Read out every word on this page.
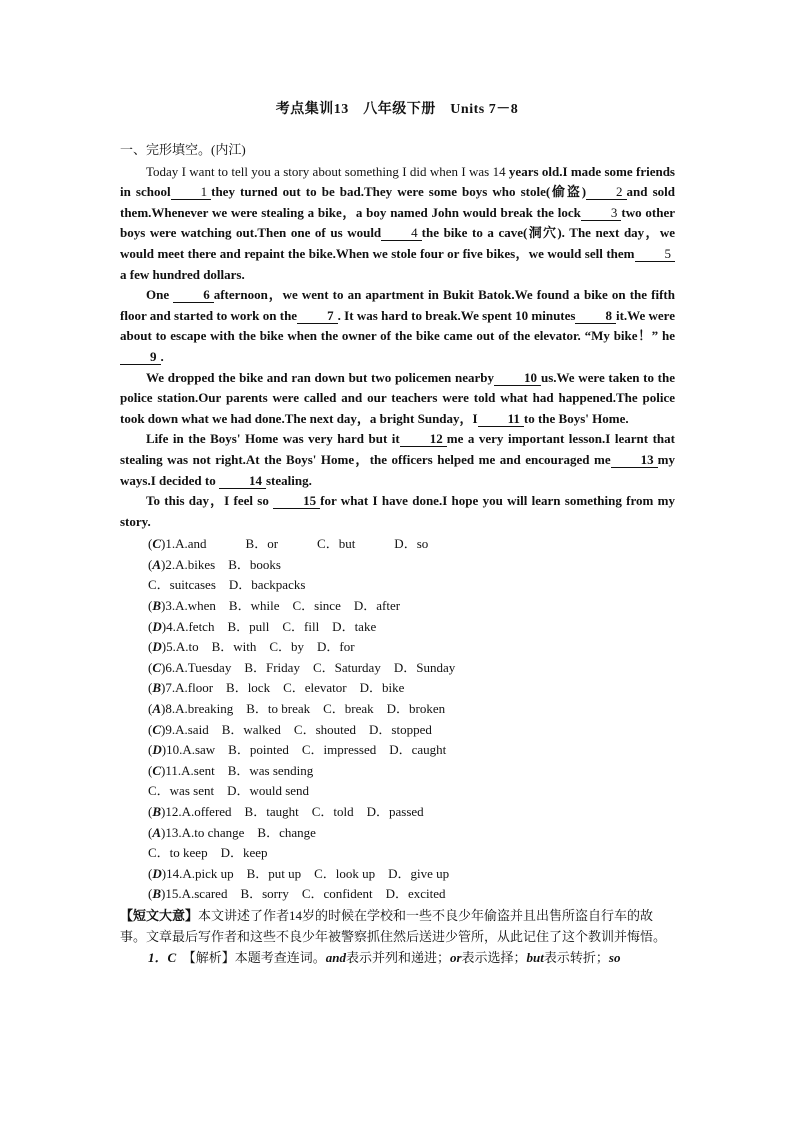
考点集训13　八年级下册　Units 7－8
一、完形填空。(内江)

Today I want to tell you a story about something I did when I was 14 years old.I made some friends in school 1 they turned out to be bad.They were some boys who stole(偷盗) 2 and sold them.Whenever we were stealing a bike，a boy named John would break the lock 3 two other boys were watching out.Then one of us would 4 the bike to a cave(洞穴). The next day，we would meet there and repaint the bike.When we stole four or five bikes，we would sell them 5a few hundred dollars.

One 6 afternoon，we went to an apartment in Bukit Batok.We found a bike on the fifth floor and started to work on the 7 . It was hard to break.We spent 10 minutes 8 it.We were about to escape with the bike when the owner of the bike came out of the elevator. “My bike！” he 9 .

We dropped the bike and ran down but two policemen nearby 10 us.We were taken to the police station.Our parents were called and our teachers were told what had happened.The police took down what we had done.The next day，a bright Sunday，I 11 to the Boys' Home.

Life in the Boys' Home was very hard but it 12 me a very important lesson.I learnt that stealing was not right.At the Boys' Home，the officers helped me and encouraged me 13 my ways.I decided to 14 stealing.

To this day，I feel so 15 for what I have done.I hope you will learn something from my story.

(C)1.A.and　　　B．or　　　C．but　　　D．so
(A)2.A.bikes　B．books
C．suitcases　D．backpacks
(B)3.A.when　B．while　C．since　D．after
(D)4.A.fetch　B．pull　C．fill　D．take
(D)5.A.to　B．with　C．by　D．for
(C)6.A.Tuesday　B．Friday　C．Saturday　D．Sunday
(B)7.A.floor　B．lock　C．elevator　D．bike
(A)8.A.breaking　B．to break　C．break　D．broken
(C)9.A.said　B．walked　C．shouted　D．stopped
(D)10.A.saw　B．pointed　C．impressed　D．caught
(C)11.A.sent　B．was sending
C．was sent　D．would send
(B)12.A.offered　B．taught　C．told　D．passed
(A)13.A.to change　B．change
C．to keep　D．keep
(D)14.A.pick up　B．put up　C．look up　D．give up
(B)15.A.scared　B．sorry　C．confident　D．excited
【短文大意】本文讲述了作者14岁的时候在学校和一些不良少年偷盗并且出售所盗自行车的故事。文章最后写作者和这些不良少年被警察抓住然后送进少管所，从此记住了这个教训并悔悟。
1．C　 【解析】本题考查连词。and表示并列和递进；or表示选择；but表示转折；so
